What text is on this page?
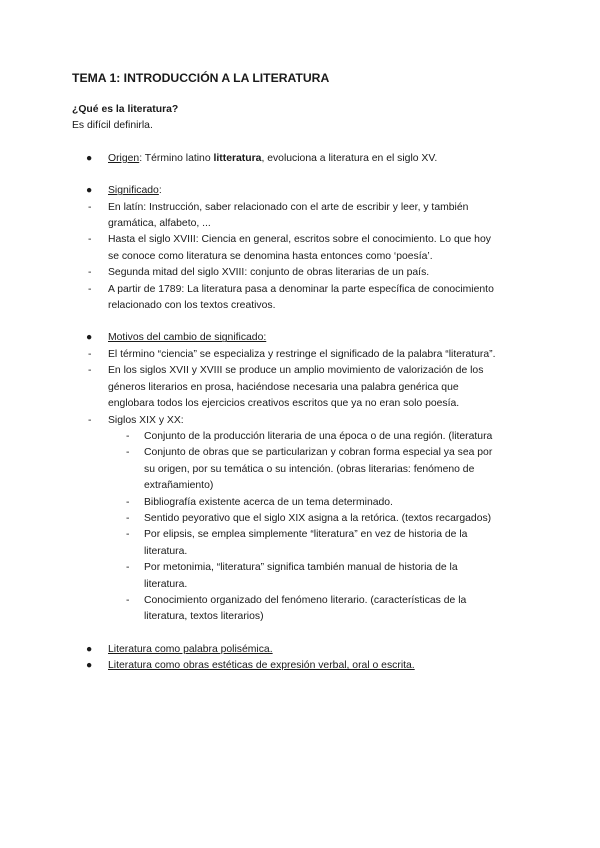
TEMA 1: INTRODUCCIÓN A LA LITERATURA
¿Qué es la literatura?
Es difícil definirla.
● Origen: Término latino litteratura, evoluciona a literatura en el siglo XV.
● Significado:
- En latín: Instrucción, saber relacionado con el arte de escribir y leer, y también
gramática, alfabeto, ...
- Hasta el siglo XVIII: Ciencia en general, escritos sobre el conocimiento. Lo que hoy
se conoce como literatura se denomina hasta entonces como ‘poesía’.
- Segunda mitad del siglo XVIII: conjunto de obras literarias de un país.
- A partir de 1789: La literatura pasa a denominar la parte específica de conocimiento
relacionado con los textos creativos.
● Motivos del cambio de significado:
- El término “ciencia” se especializa y restringe el significado de la palabra “literatura”.
- En los siglos XVII y XVIII se produce un amplio movimiento de valorización de los
géneros literarios en prosa, haciéndose necesaria una palabra genérica que
englobara todos los ejercicios creativos escritos que ya no eran solo poesía.
- Siglos XIX y XX:
- Conjunto de la producción literaria de una época o de una región. (literatura
- Conjunto de obras que se particularizan y cobran forma especial ya sea por
su origen, por su temática o su intención. (obras literarias: fenómeno de
extrañamiento)
- Bibliografía existente acerca de un tema determinado.
- Sentido peyorativo que el siglo XIX asigna a la retórica. (textos recargados)
- Por elipsis, se emplea simplemente “literatura” en vez de historia de la
literatura.
- Por metonimia, “literatura” significa también manual de historia de la
literatura.
- Conocimiento organizado del fenómeno literario. (características de la
literatura, textos literarios)
● Literatura como palabra polisémica.
● Literatura como obras estéticas de expresión verbal, oral o escrita.
